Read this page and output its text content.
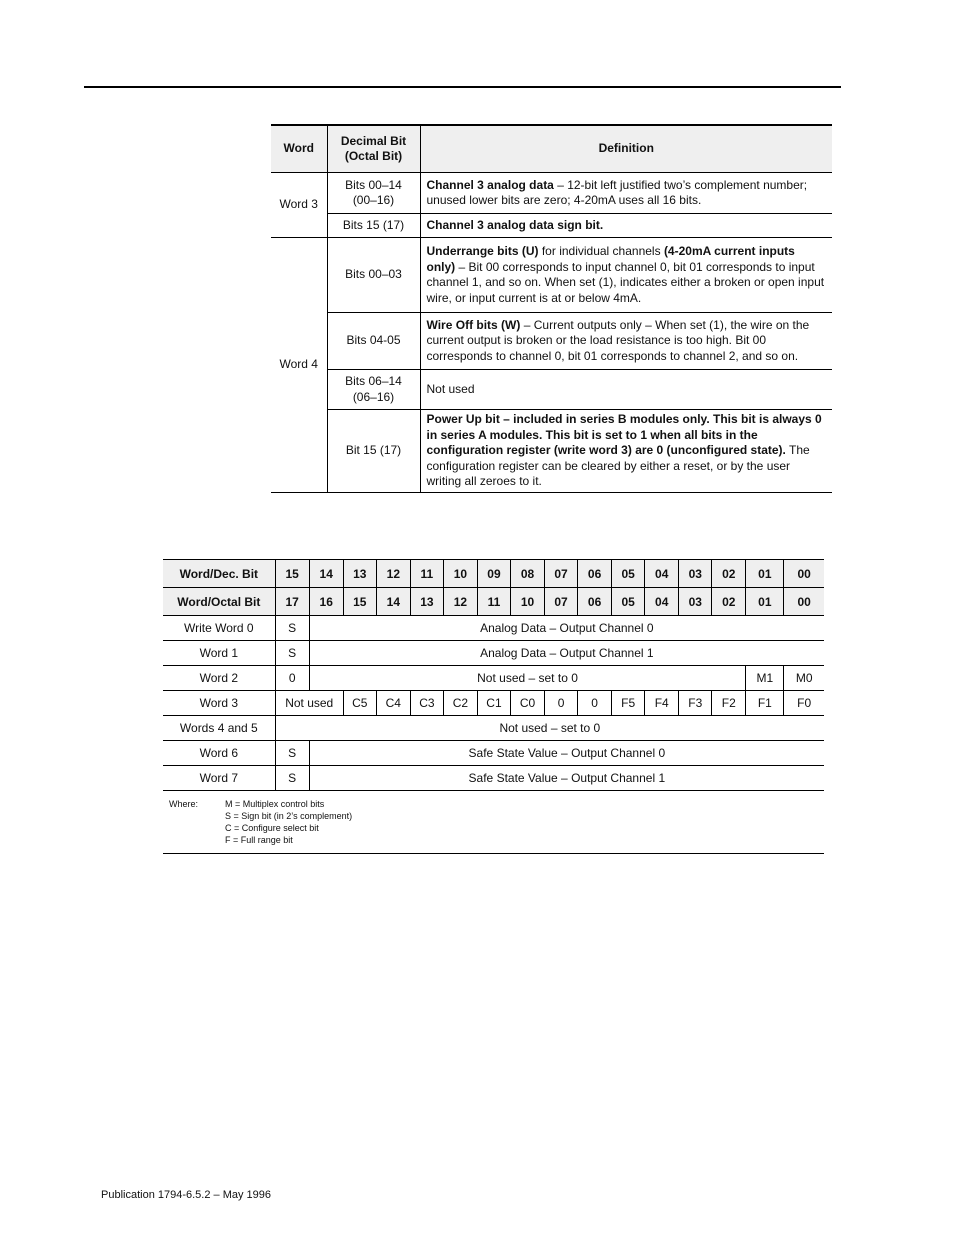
Word	Decimal Bit (Octal Bit)	Definition
Word 3	Bits 00–14 (00–16)	Channel 3 analog data – 12-bit left justified two’s complement number; unused lower bits are zero; 4-20mA uses all 16 bits.
	Bits 15 (17)	Channel 3 analog data sign bit.
Word 4	Bits 00–03	Underrange bits (U) for individual channels (4-20mA current inputs only) – Bit 00 corresponds to input channel 0, bit 01 corresponds to input channel 1, and so on. When set (1), indicates either a broken or open input wire, or input current is at or below 4mA.
	Bits 04-05	Wire Off bits (W) – Current outputs only – When set (1), the wire on the current output is broken or the load resistance is too high. Bit 00 corresponds to channel 0, bit 01 corresponds to channel 2, and so on.
	Bits 06–14 (06–16)	Not used
	Bit 15 (17)	Power Up bit – included in series B modules only. This bit is always 0 in series A modules. This bit is set to 1 when all bits in the configuration register (write word 3) are 0 (unconfigured state). The configuration register can be cleared by either a reset, or by the user writing all zeroes to it.
Word/Dec. Bit	15	14	13	12	11	10	09	08	07	06	05	04	03	02	01	00
Word/Octal Bit	17	16	15	14	13	12	11	10	07	06	05	04	03	02	01	00
Write Word 0	S	Analog Data – Output Channel 0														
Word 1	S	Analog Data – Output Channel 1														
Word 2	0	Not used – set to 0													M1	M0
Word 3	Not used		C5	C4	C3	C2	C1	C0	0	0	F5	F4	F3	F2	F1	F0
Words 4 and 5	Not used – set to 0															
Word 6	S	Safe State Value – Output Channel 0														
Word 7	S	Safe State Value – Output Channel 1														
Where:	M = Multiplex control bits
S = Sign bit (in 2’s complement)
C = Configure select bit
F = Full range bit
Publication 1794-6.5.2 – May 1996
